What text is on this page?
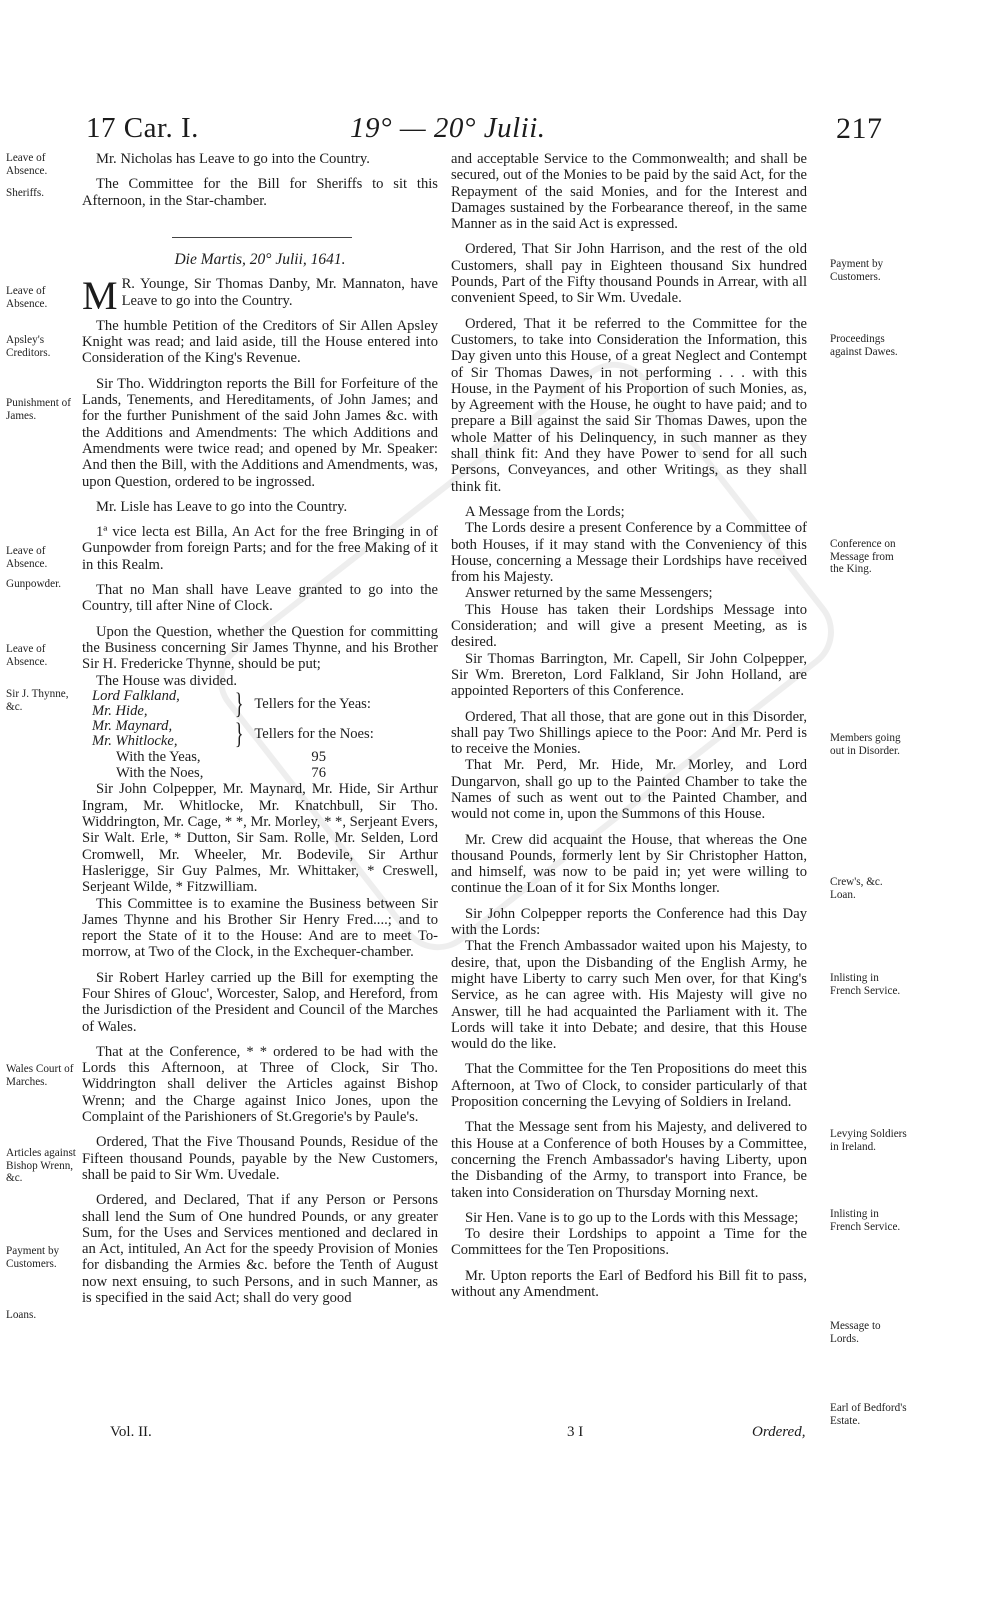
17 Car. I.	19° — 20° Julii.	217
Leave of Absence.
Sheriffs.
Leave of Absence.
Apsley's Creditors.
Punishment of James.
Leave of Absence.
Gunpowder.
Leave of Absence.
Sir J. Thynne, &c.
Wales Court of Marches.
Articles against Bishop Wrenn, &c.
Payment by Customers.
Loans.

Mr. Nicholas has Leave to go into the Country.

The Committee for the Bill for Sheriffs to sit this Afternoon, in the Star-chamber.

Die Martis, 20° Julii, 1641.

M R. Younge, Sir Thomas Danby, Mr. Mannaton, have Leave to go into the Country.

The humble Petition of the Creditors of Sir Allen Apsley Knight was read; and laid aside, till the House entered into Consideration of the King's Revenue.

Sir Tho. Widdrington reports the Bill for Forfeiture of the Lands, Tenements, and Hereditaments, of John James; and for the further Punishment of the said John James &c. with the Additions and Amendments: The which Additions and Amendments were twice read; and opened by Mr. Speaker: And then the Bill, with the Additions and Amendments, was, upon Question, ordered to be ingrossed.

Mr. Lisle has Leave to go into the Country.

1ª vice lecta est Billa, An Act for the free Bringing in of Gunpowder from foreign Parts; and for the free Making of it in this Realm.

That no Man shall have Leave granted to go into the Country, till after Nine of Clock.

Upon the Question, whether the Question for committing the Business concerning Sir James Thynne, and his Brother Sir H. Fredericke Thynne, should be put;

The House was divided.

Lord Falkland,
Mr. Hide,	} Tellers for the Yeas:
Mr. Maynard,
Mr. Whitlocke,	} Tellers for the Noes:
With the Yeas,	95
With the Noes,	76

Sir John Colpepper, Mr. Maynard, Mr. Hide, Sir Arthur Ingram, Mr. Whitlocke, Mr. Knatchbull, Sir Tho. Widdrington, Mr. Cage, * *, Mr. Morley, * *, Serjeant Evers, Sir Walt. Erle, * Dutton, Sir Sam. Rolle, Mr. Selden, Lord Cromwell, Mr. Wheeler, Mr. Bodevile, Sir Arthur Haslerigge, Sir Guy Palmes, Mr. Whittaker, * Creswell, Serjeant Wilde, * Fitzwilliam.

This Committee is to examine the Business between Sir James Thynne and his Brother Sir Henry Fred....; and to report the State of it to the House: And are to meet To-morrow, at Two of the Clock, in the Exchequer-chamber.

Sir Robert Harley carried up the Bill for exempting the Four Shires of Glouc', Worcester, Salop, and Hereford, from the Jurisdiction of the President and Council of the Marches of Wales.

That at the Conference, * * ordered to be had with the Lords this Afternoon, at Three of Clock, Sir Tho. Widdrington shall deliver the Articles against Bishop Wrenn; and the Charge against Inico Jones, upon the Complaint of the Parishioners of St.Gregorie's by Paule's.

Ordered, That the Five Thousand Pounds, Residue of the Fifteen thousand Pounds, payable by the New Customers, shall be paid to Sir Wm. Uvedale.

Ordered, and Declared, That if any Person or Persons shall lend the Sum of One hundred Pounds, or any greater Sum, for the Uses and Services mentioned and declared in an Act, intituled, An Act for the speedy Provision of Monies for disbanding the Armies &c. before the Tenth of August now next ensuing, to such Persons, and in such Manner, as is specified in the said Act; shall do very good

and acceptable Service to the Commonwealth; and shall be secured, out of the Monies to be paid by the said Act, for the Repayment of the said Monies, and for the Interest and Damages sustained by the Forbearance thereof, in the same Manner as in the said Act is expressed.

Ordered, That Sir John Harrison, and the rest of the old Customers, shall pay in Eighteen thousand Six hundred Pounds, Part of the Fifty thousand Pounds in Arrear, with all convenient Speed, to Sir Wm. Uvedale.

Ordered, That it be referred to the Committee for the Customers, to take into Consideration the Information, this Day given unto this House, of a great Neglect and Contempt of Sir Thomas Dawes, in not performing . . . with this House, in the Payment of his Proportion of such Monies, as, by Agreement with the House, he ought to have paid; and to prepare a Bill against the said Sir Thomas Dawes, upon the whole Matter of his Delinquency, in such manner as they shall think fit: And they have Power to send for all such Persons, Conveyances, and other Writings, as they shall think fit.

A Message from the Lords;

The Lords desire a present Conference by a Committee of both Houses, if it may stand with the Conveniency of this House, concerning a Message their Lordships have received from his Majesty.

Answer returned by the same Messengers;

This House has taken their Lordships Message into Consideration; and will give a present Meeting, as is desired.

Sir Thomas Barrington, Mr. Capell, Sir John Colpepper, Sir Wm. Brereton, Lord Falkland, Sir John Holland, are appointed Reporters of this Conference.

Ordered, That all those, that are gone out in this Disorder, shall pay Two Shillings apiece to the Poor: And Mr. Perd is to receive the Monies.

That Mr. Perd, Mr. Hide, Mr. Morley, and Lord Dungarvon, shall go up to the Painted Chamber to take the Names of such as went out to the Painted Chamber, and would not come in, upon the Summons of this House.

Mr. Crew did acquaint the House, that whereas the One thousand Pounds, formerly lent by Sir Christopher Hatton, and himself, was now to be paid in; yet were willing to continue the Loan of it for Six Months longer.

Sir John Colpepper reports the Conference had this Day with the Lords:

That the French Ambassador waited upon his Majesty, to desire, that, upon the Disbanding of the English Army, he might have Liberty to carry such Men over, for that King's Service, as he can agree with. His Majesty will give no Answer, till he had acquainted the Parliament with it. The Lords will take it into Debate; and desire, that this House would do the like.

That the Committee for the Ten Propositions do meet this Afternoon, at Two of Clock, to consider particularly of that Proposition concerning the Levying of Soldiers in Ireland.

That the Message sent from his Majesty, and delivered to this House at a Conference of both Houses by a Committee, concerning the French Ambassador's having Liberty, upon the Disbanding of the Army, to transport into France, be taken into Consideration on Thursday Morning next.

Sir Hen. Vane is to go up to the Lords with this Message;

To desire their Lordships to appoint a Time for the Committees for the Ten Propositions.

Mr. Upton reports the Earl of Bedford his Bill fit to pass, without any Amendment.

Payment by Customers.
Proceedings against Dawes.
Conference on Message from the King.
Members going out in Disorder.
Crew's, &c. Loan.
Inlisting in French Service.
Levying Soldiers in Ireland.
Inlisting in French Service.
Message to Lords.
Earl of Bedford's Estate.
Vol. II.	3 I	Ordered,
